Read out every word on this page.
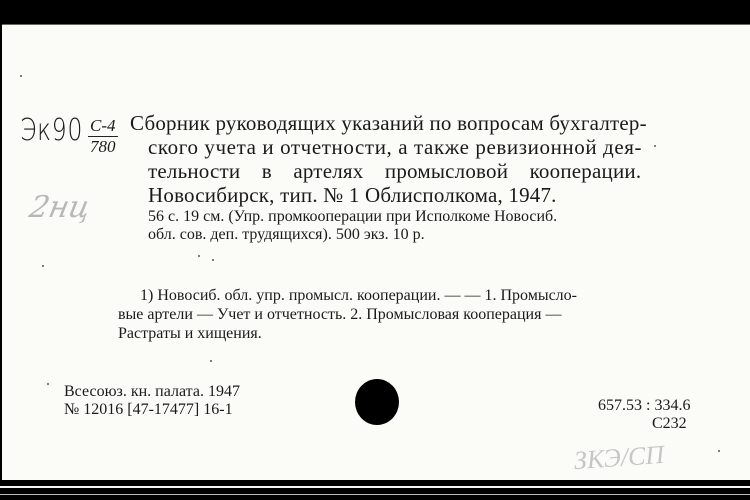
Эк90 С-4
780
2нц
Сборник руководящих указаний по вопросам бухгалтер-
ского учета и отчетности, а также ревизионной дея-
тельности в артелях промысловой кооперации.
Новосибирск, тип. № 1 Облисполкома, 1947.
56 с. 19 см. (Упр. промкооперации при Исполкоме Новосиб.
обл. сов. деп. трудящихся). 500 экз. 10 р.
1) Новосиб. обл. упр. промысл. кооперации. — — 1. Промысло-
вые артели — Учет и отчетность. 2. Промысловая кооперация —
Растраты и хищения.
Всесоюз. кн. палата. 1947
№ 12016 [47-17477] 16-1	657.53 : 334.6
С232
ЗКЭ/СП
